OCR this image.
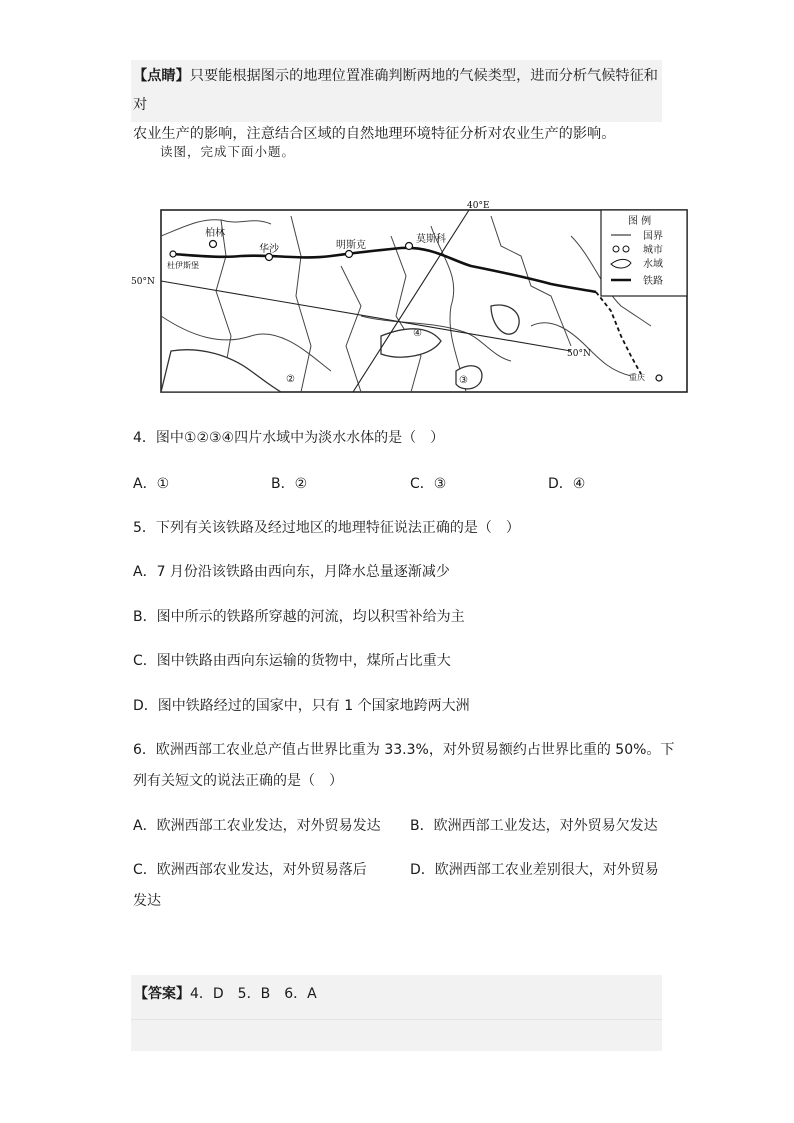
【点睛】只要能根据图示的地理位置准确判断两地的气候类型，进而分析气候特征和对
农业生产的影响，注意结合区域的自然地理环境特征分析对农业生产的影响。
读图，完成下面小题。
柏林
杜伊斯堡
华沙	明斯克
莫斯科
重庆
50°N
50°N
40°E
②
④
③
图 例
国界
城市
水域
铁路
4．图中①②③④四片水域中为淡水水体的是（　）
A．①	B．②	C．③	D．④
5．下列有关该铁路及经过地区的地理特征说法正确的是（　）
A．7 月份沿该铁路由西向东，月降水总量逐渐减少
B．图中所示的铁路所穿越的河流，均以积雪补给为主
C．图中铁路由西向东运输的货物中，煤所占比重大
D．图中铁路经过的国家中，只有 1 个国家地跨两大洲
6．欧洲西部工农业总产值占世界比重为 33.3%，对外贸易额约占世界比重的 50%。下
列有关短文的说法正确的是（　）
A．欧洲西部工农业发达，对外贸易发达 B．欧洲西部工业发达，对外贸易欠发达
C．欧洲西部农业发达，对外贸易落后	D．欧洲西部工农业差别很大，对外贸易
发达
【答案】4．D　5．B　6．A
